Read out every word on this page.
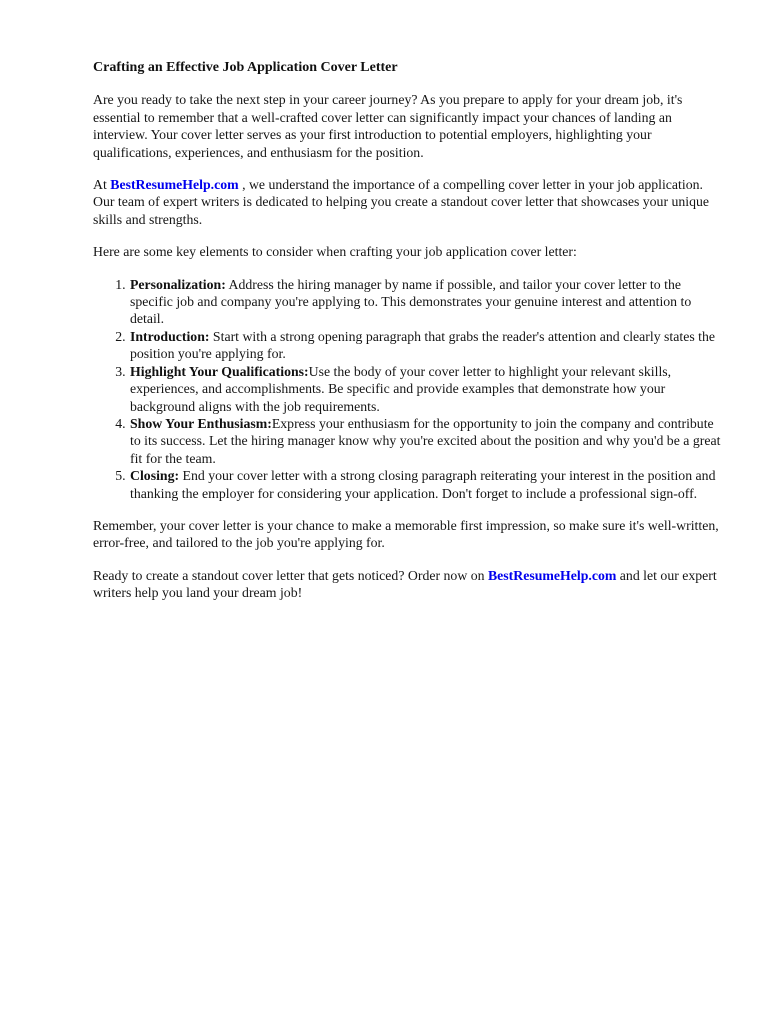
Crafting an Effective Job Application Cover Letter

Are you ready to take the next step in your career journey? As you prepare to apply for your dream job, it's essential to remember that a well-crafted cover letter can significantly impact your chances of landing an interview. Your cover letter serves as your first introduction to potential employers, highlighting your qualifications, experiences, and enthusiasm for the position.

At BestResumeHelp.com , we understand the importance of a compelling cover letter in your job application. Our team of expert writers is dedicated to helping you create a standout cover letter that showcases your unique skills and strengths.

Here are some key elements to consider when crafting your job application cover letter:

1. Personalization: Address the hiring manager by name if possible, and tailor your cover letter to the specific job and company you're applying to. This demonstrates your genuine interest and attention to detail.
2. Introduction: Start with a strong opening paragraph that grabs the reader's attention and clearly states the position you're applying for.
3. Highlight Your Qualifications:Use the body of your cover letter to highlight your relevant skills, experiences, and accomplishments. Be specific and provide examples that demonstrate how your background aligns with the job requirements.
4. Show Your Enthusiasm:Express your enthusiasm for the opportunity to join the company and contribute to its success. Let the hiring manager know why you're excited about the position and why you'd be a great fit for the team.
5. Closing: End your cover letter with a strong closing paragraph reiterating your interest in the position and thanking the employer for considering your application. Don't forget to include a professional sign-off.

Remember, your cover letter is your chance to make a memorable first impression, so make sure it's well-written, error-free, and tailored to the job you're applying for.

Ready to create a standout cover letter that gets noticed? Order now on BestResumeHelp.com and let our expert writers help you land your dream job!
